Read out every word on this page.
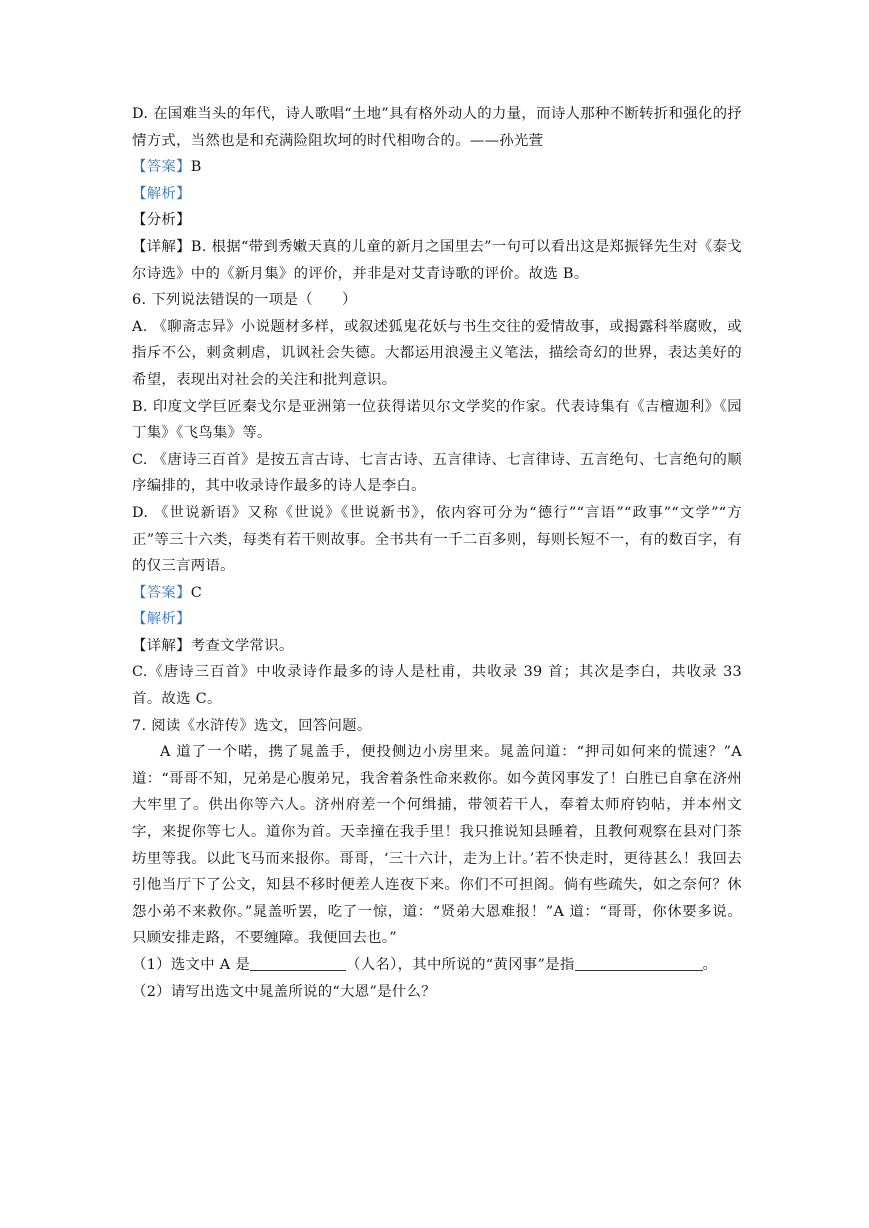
D. 在国难当头的年代，诗人歌唱“土地”具有格外动人的力量，而诗人那种不断转折和强化的抒情方式，当然也是和充满险阻坎坷的时代相吻合的。——孙光萱

【答案】B

【解析】

【分析】

【详解】B. 根据“带到秀嫩天真的儿童的新月之国里去”一句可以看出这是郑振铎先生对《泰戈尔诗选》中的《新月集》的评价，并非是对艾青诗歌的评价。故选 B。

6. 下列说法错误的一项是（　　）

A. 《聊斋志异》小说题材多样，或叙述狐鬼花妖与书生交往的爱情故事，或揭露科举腐败，或指斥不公，刺贪刺虐，讥讽社会失德。大都运用浪漫主义笔法，描绘奇幻的世界，表达美好的希望，表现出对社会的关注和批判意识。

B. 印度文学巨匠秦戈尔是亚洲第一位获得诺贝尔文学奖的作家。代表诗集有《吉檀迦利》《园丁集》《飞鸟集》等。

C. 《唐诗三百首》是按五言古诗、七言古诗、五言律诗、七言律诗、五言绝句、七言绝句的顺序编排的，其中收录诗作最多的诗人是李白。

D. 《世说新语》又称《世说》《世说新书》，依内容可分为“德行”“言语”“政事”“文学”“方正”等三十六类，每类有若干则故事。全书共有一千二百多则，每则长短不一，有的数百字，有的仅三言两语。

【答案】C

【解析】

【详解】考查文学常识。

C.《唐诗三百首》中收录诗作最多的诗人是杜甫，共收录 39 首；其次是李白，共收录 33 首。故选 C。

7. 阅读《水浒传》选文，回答问题。

A 道了一个喏，携了晁盖手，便投侧边小房里来。晁盖问道：“押司如何来的慌速？”A 道：“哥哥不知，兄弟是心腹弟兄，我舍着条性命来救你。如今黄冈事发了！白胜已自拿在济州大牢里了。供出你等六人。济州府差一个何缉捕，带领若干人，奉着太师府钧帖，并本州文字，来捉你等七人。道你为首。天幸撞在我手里！我只推说知县睡着，且教何观察在县对门茶坊里等我。以此飞马而来报你。哥哥，‘三十六计，走为上计。’若不快走时，更待甚么！我回去引他当厅下了公文，知县不移时便差人连夜下来。你们不可担阁。倘有些疏失，如之奈何？休怨小弟不来救你。”晁盖听罢，吃了一惊，道：“贤弟大恩难报！”A 道：“哥哥，你休要多说。只顾安排走路，不要缠障。我便回去也。”

（1）选文中 A 是	（人名），其中所说的“黄冈事”是指	。

（2）请写出选文中晁盖所说的“大恩”是什么？
